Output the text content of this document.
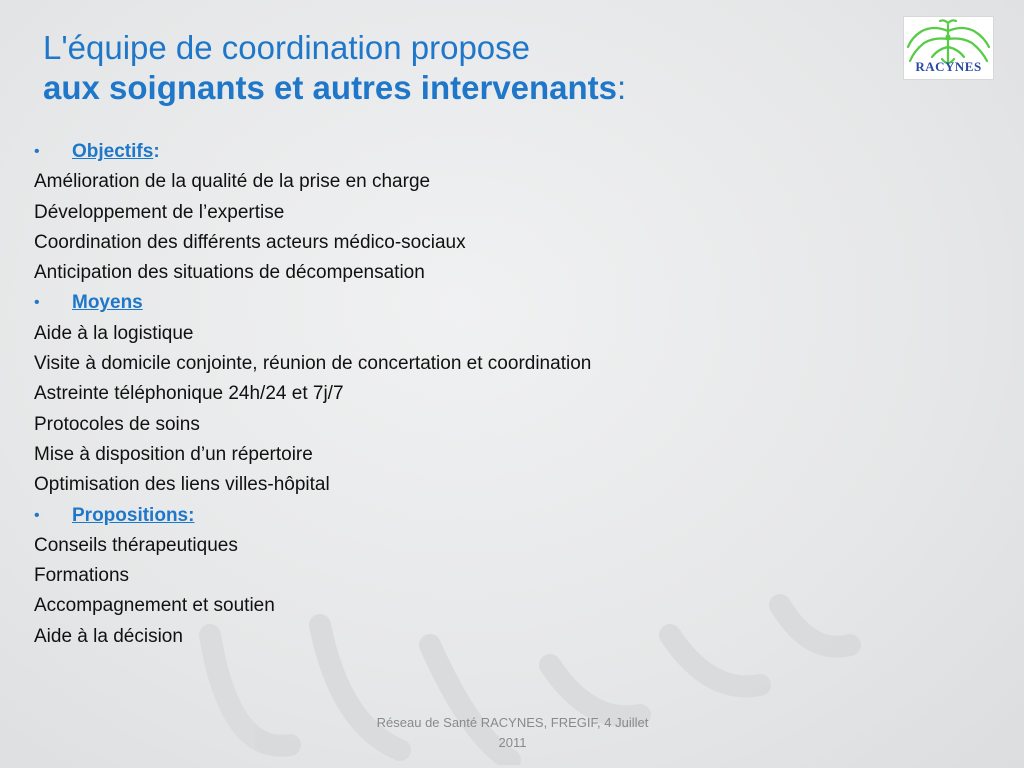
L'équipe de coordination propose
aux soignants et autres intervenants:
RACYNES
• Objectifs:
Amélioration de la qualité de la prise en charge
Développement de l’expertise
Coordination des différents acteurs médico-sociaux
Anticipation des situations de décompensation
• Moyens
Aide à la logistique
Visite à domicile conjointe, réunion de concertation et coordination
Astreinte téléphonique 24h/24 et 7j/7
Protocoles de soins
Mise à disposition d’un répertoire
Optimisation des liens villes-hôpital
• Propositions:
Conseils thérapeutiques
Formations
Accompagnement et soutien
Aide à la décision
Réseau de Santé RACYNES, FREGIF, 4 Juillet
2011
